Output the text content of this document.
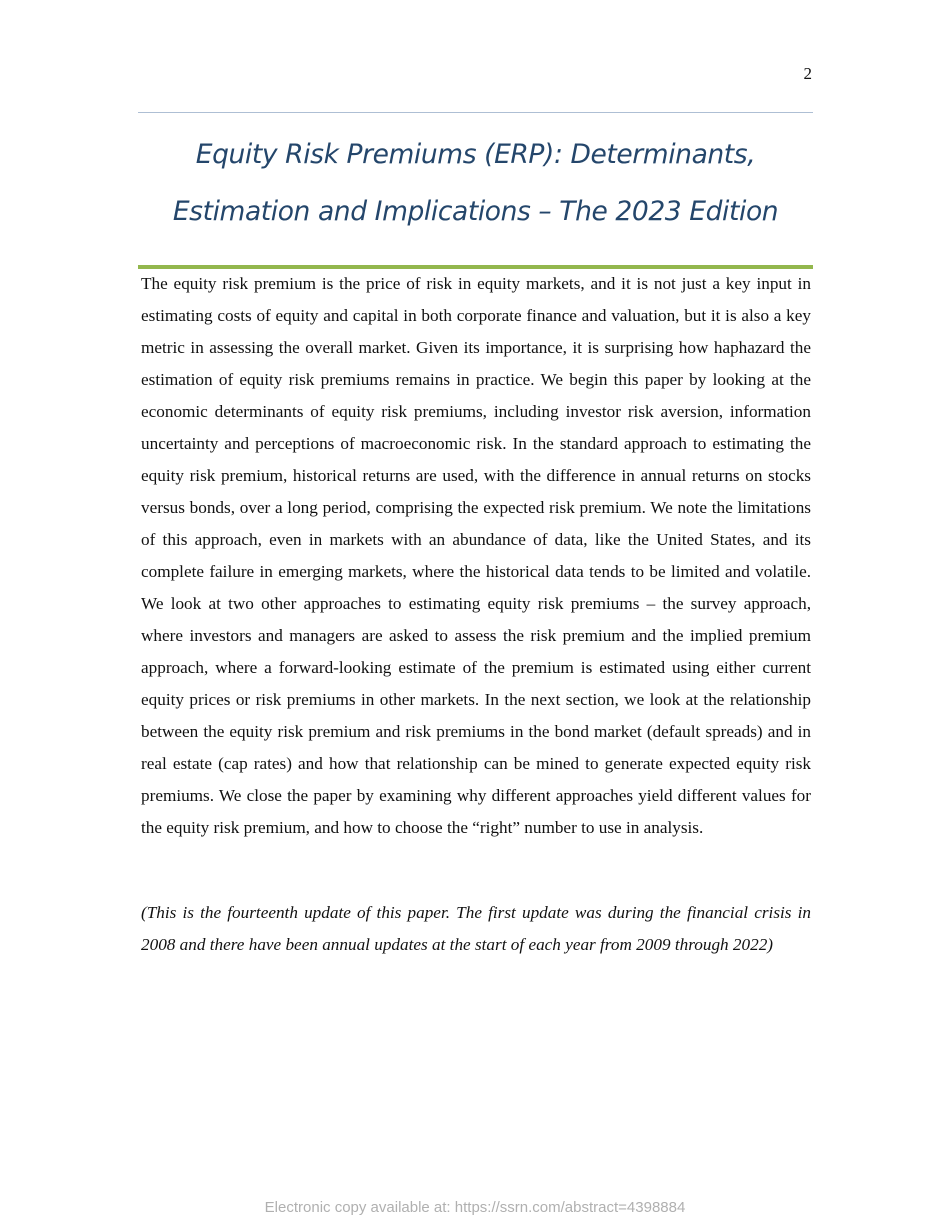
2
Equity Risk Premiums (ERP): Determinants,
Estimation and Implications – The 2023 Edition

The equity risk premium is the price of risk in equity markets, and it is not just a key input in estimating costs of equity and capital in both corporate finance and valuation, but it is also a key metric in assessing the overall market. Given its importance, it is surprising how haphazard the estimation of equity risk premiums remains in practice. We begin this paper by looking at the economic determinants of equity risk premiums, including investor risk aversion, information uncertainty and perceptions of macroeconomic risk. In the standard approach to estimating the equity risk premium, historical returns are used, with the difference in annual returns on stocks versus bonds, over a long period, comprising the expected risk premium. We note the limitations of this approach, even in markets with an abundance of data, like the United States, and its complete failure in emerging markets, where the historical data tends to be limited and volatile. We look at two other approaches to estimating equity risk premiums – the survey approach, where investors and managers are asked to assess the risk premium and the implied premium approach, where a forward-looking estimate of the premium is estimated using either current equity prices or risk premiums in other markets. In the next section, we look at the relationship between the equity risk premium and risk premiums in the bond market (default spreads) and in real estate (cap rates) and how that relationship can be mined to generate expected equity risk premiums. We close the paper by examining why different approaches yield different values for the equity risk premium, and how to choose the “right” number to use in analysis.

(This is the fourteenth update of this paper. The first update was during the financial crisis in 2008 and there have been annual updates at the start of each year from 2009 through 2022)

Electronic copy available at: https://ssrn.com/abstract=4398884
